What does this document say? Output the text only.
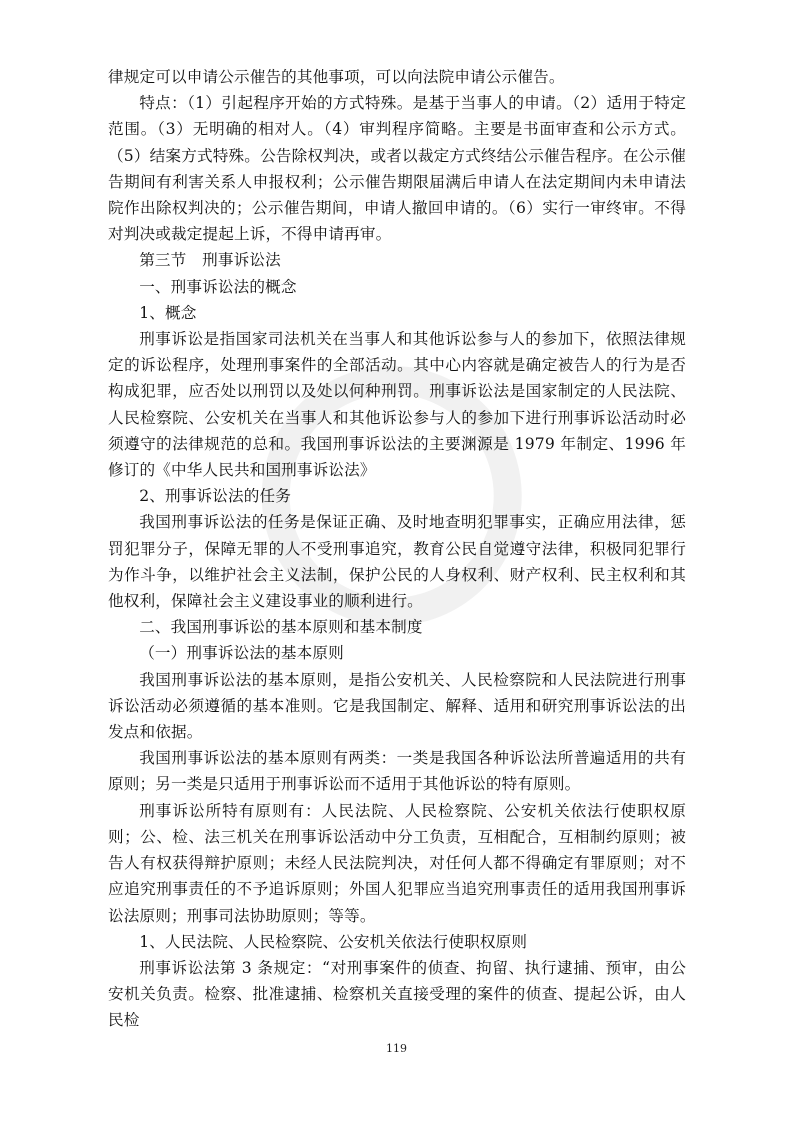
律规定可以申请公示催告的其他事项，可以向法院申请公示催告。

特点：（1）引起程序开始的方式特殊。是基于当事人的申请。（2）适用于特定范围。（3）无明确的相对人。（4）审判程序简略。主要是书面审查和公示方式。（5）结案方式特殊。公告除权判决，或者以裁定方式终结公示催告程序。在公示催告期间有利害关系人申报权利；公示催告期限届满后申请人在法定期间内未申请法院作出除权判决的；公示催告期间，申请人撤回申请的。（6）实行一审终审。不得对判决或裁定提起上诉，不得申请再审。

第三节　刑事诉讼法

一、刑事诉讼法的概念

1、概念

刑事诉讼是指国家司法机关在当事人和其他诉讼参与人的参加下，依照法律规定的诉讼程序，处理刑事案件的全部活动。其中心内容就是确定被告人的行为是否构成犯罪，应否处以刑罚以及处以何种刑罚。刑事诉讼法是国家制定的人民法院、人民检察院、公安机关在当事人和其他诉讼参与人的参加下进行刑事诉讼活动时必须遵守的法律规范的总和。我国刑事诉讼法的主要渊源是 1979 年制定、1996 年修订的《中华人民共和国刑事诉讼法》

2、刑事诉讼法的任务

我国刑事诉讼法的任务是保证正确、及时地查明犯罪事实，正确应用法律，惩罚犯罪分子，保障无罪的人不受刑事追究，教育公民自觉遵守法律，积极同犯罪行为作斗争，以维护社会主义法制，保护公民的人身权利、财产权利、民主权利和其他权利，保障社会主义建设事业的顺利进行。

二、我国刑事诉讼的基本原则和基本制度

（一）刑事诉讼法的基本原则

我国刑事诉讼法的基本原则，是指公安机关、人民检察院和人民法院进行刑事诉讼活动必须遵循的基本准则。它是我国制定、解释、适用和研究刑事诉讼法的出发点和依据。

我国刑事诉讼法的基本原则有两类：一类是我国各种诉讼法所普遍适用的共有原则；另一类是只适用于刑事诉讼而不适用于其他诉讼的特有原则。

刑事诉讼所特有原则有：人民法院、人民检察院、公安机关依法行使职权原则；公、检、法三机关在刑事诉讼活动中分工负责，互相配合，互相制约原则；被告人有权获得辩护原则；未经人民法院判决，对任何人都不得确定有罪原则；对不应追究刑事责任的不予追诉原则；外国人犯罪应当追究刑事责任的适用我国刑事诉讼法原则；刑事司法协助原则；等等。

1、人民法院、人民检察院、公安机关依法行使职权原则

刑事诉讼法第 3 条规定：“对刑事案件的侦查、拘留、执行逮捕、预审，由公安机关负责。检察、批准逮捕、检察机关直接受理的案件的侦查、提起公诉，由人民检

119
